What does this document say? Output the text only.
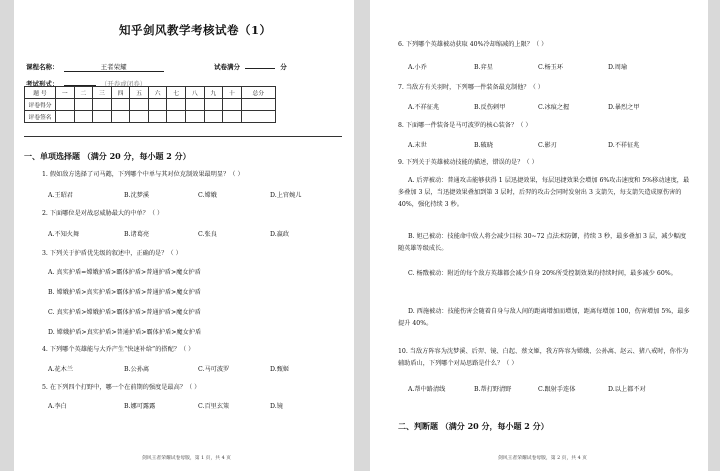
知乎剑风教学考核试卷（1）
课程名称：	王者荣耀	试卷满分	分
考试形式：	（开卷或闭卷）
题 号	一	二	三	四	五	六	七	八	九	十	总分
评卷得分											
评卷签名											
一、单项选择题 （满分 20 分，每小题 2 分）
1. 假如敌方选择了司马懿，下列哪个中单与其对位克制效果最明显？（ ）
A.王昭君	B.沈梦溪	C.嫦娥	D.上官婉儿
2. 下面哪位是对战忍威胁最大的中单？（ ）
A.不知火舞	B.诸葛亮	C.张良	D.嬴政
3. 下列关于护盾优先级的叙述中，正确的是？（ ）
A. 真实护盾=嫦娥护盾>霸体护盾>普通护盾>魔女护盾
B. 嫦娥护盾>真实护盾>霸体护盾>普通护盾>魔女护盾
C. 真实护盾>嫦娥护盾>霸体护盾>普通护盾>魔女护盾
D. 嫦娥护盾>真实护盾>普通护盾>霸体护盾>魔女护盾
4. 下列哪个英雄能与大乔产生“快速补给”的搭配？（ ）
A.花木兰	B.公孙离	C.马可波罗	D.甄姬
5. 在下列四个打野中，哪一个在前期的强度是最高？（ ）
A.李白	B.娜可露露	C.百里玄策	D.镜
剑风王者荣耀试卷母版，第 1 页，共 4 页
6. 下列哪个英雄被动获取 40%冷却缩减的上限？（ ）
A.小乔	B.弈星	C.杨玉环	D.周瑜
7. 当敌方有关羽时，下列哪一件装备最克制他？（ ）
A.不祥征兆	B.反伤刺甲	C.冰痕之握	D.暴烈之甲
8. 下面哪一件装备是马可波罗的核心装备？（ ）
A.末世	B.破晓	C.影刃	D.不祥征兆
9. 下列关于英雄被动技能的描述，错误的是？（ ）
A. 后羿被动：普通攻击能够获得 1 层迅捷效果，每层迅捷效果会增加 6%攻击速度和 5%移动速度，最多叠加 3 层，当迅捷效果叠加到第 3 层时，后羿的攻击会同时发射出 3 支箭矢，每支箭矢造成原伤害的 40%，强化持续 3 秒。
B. 妲己被动：技能命中敌人将会减少目标 30~72 点法术防御，持续 3 秒，最多叠加 3 层，减少幅度随英雄等级成长。
C. 杨戬被动：附近的每个敌方英雄都会减少自身 20%所受控制效果的持续时间，最多减少 60%。
D. 西施被动：技能伤害会随着自身与敌人间的距离增加而增加，距离每增加 100，伤害增加 5%，最多提升 40%。
10. 当敌方阵容为沈梦溪、后羿、镜、白起、蔡文姬，我方阵容为嫦娥、公孙离、赵云、猪八戒时，你作为辅助盾山，下列哪个对局思路是什么？（ ）
A.帮中路清线	B.帮打野清野	C.跟射手连体	D.以上都不对
二、判断题 （满分 20 分，每小题 2 分）
剑风王者荣耀试卷母版，第 2 页，共 4 页
